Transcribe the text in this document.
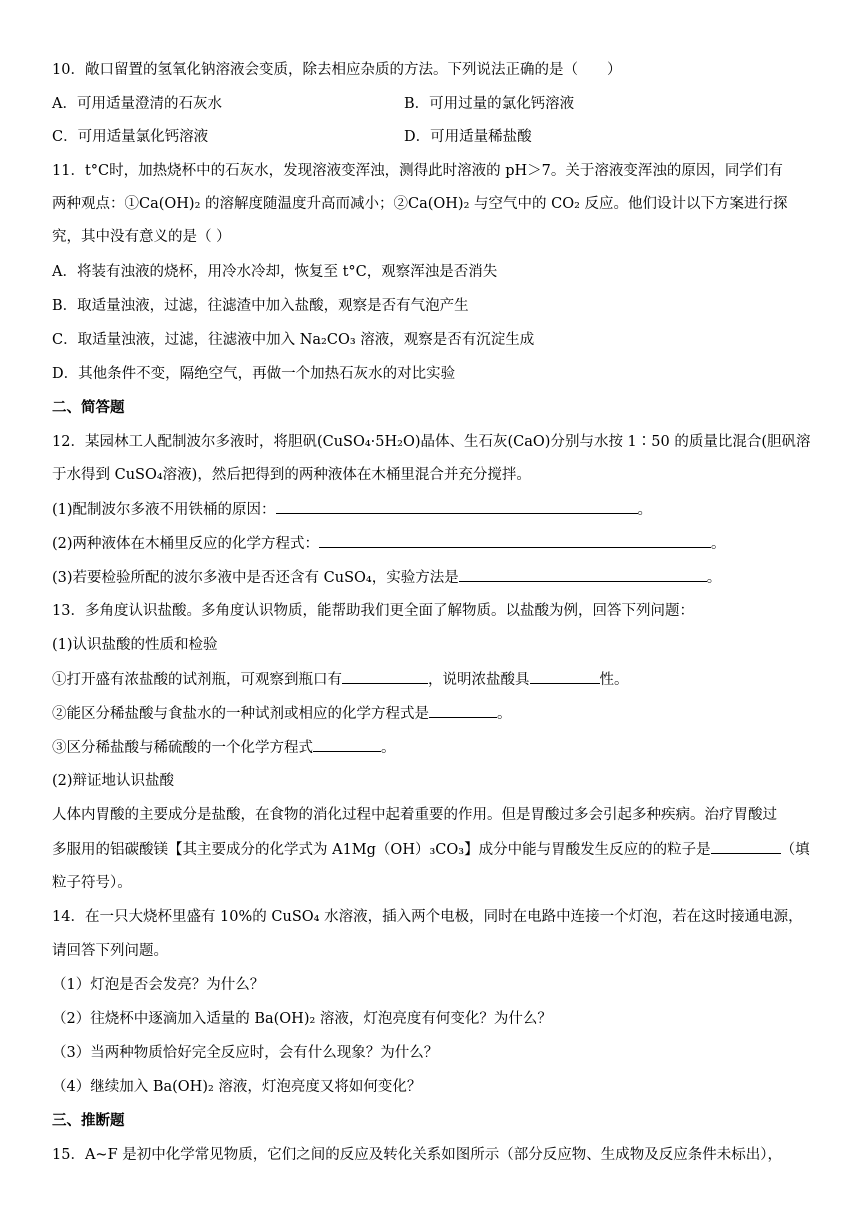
10．敞口留置的氢氧化钠溶液会变质，除去相应杂质的方法。下列说法正确的是（　　）
A．可用适量澄清的石灰水	B．可用过量的氯化钙溶液
C．可用适量氯化钙溶液	D．可用适量稀盐酸
11．t°C时，加热烧杯中的石灰水，发现溶液变浑浊，测得此时溶液的 pH＞7。关于溶液变浑浊的原因，同学们有
两种观点：①Ca(OH)₂ 的溶解度随温度升高而减小；②Ca(OH)₂ 与空气中的 CO₂ 反应。他们设计以下方案进行探
究，其中没有意义的是（ ）
A．将装有浊液的烧杯，用冷水冷却，恢复至 t°C，观察浑浊是否消失
B．取适量浊液，过滤，往滤渣中加入盐酸，观察是否有气泡产生
C．取适量浊液，过滤，往滤液中加入 Na₂CO₃ 溶液，观察是否有沉淀生成
D．其他条件不变，隔绝空气，再做一个加热石灰水的对比实验
二、简答题
12．某园林工人配制波尔多液时，将胆矾(CuSO₄·5H₂O)晶体、生石灰(CaO)分别与水按 1∶50 的质量比混合(胆矾溶
于水得到 CuSO₄溶液)，然后把得到的两种液体在木桶里混合并充分搅拌。
(1)配制波尔多液不用铁桶的原因：	。
(2)两种液体在木桶里反应的化学方程式：	。
(3)若要检验所配的波尔多液中是否还含有 CuSO₄，实验方法是	。
13．多角度认识盐酸。多角度认识物质，能帮助我们更全面了解物质。以盐酸为例，回答下列问题：
(1)认识盐酸的性质和检验
①打开盛有浓盐酸的试剂瓶，可观察到瓶口有	，说明浓盐酸具	性。
②能区分稀盐酸与食盐水的一种试剂或相应的化学方程式是	。
③区分稀盐酸与稀硫酸的一个化学方程式	。
(2)辩证地认识盐酸
人体内胃酸的主要成分是盐酸，在食物的消化过程中起着重要的作用。但是胃酸过多会引起多种疾病。治疗胃酸过
多服用的铝碳酸镁【其主要成分的化学式为 A1Mg（OH）₃CO₃】成分中能与胃酸发生反应的的粒子是	（填
粒子符号）。
14．在一只大烧杯里盛有 10%的 CuSO₄ 水溶液，插入两个电极，同时在电路中连接一个灯泡，若在这时接通电源，
请回答下列问题。
（1）灯泡是否会发亮？为什么？
（2）往烧杯中逐滴加入适量的 Ba(OH)₂ 溶液，灯泡亮度有何变化？为什么？
（3）当两种物质恰好完全反应时，会有什么现象？为什么？
（4）继续加入 Ba(OH)₂ 溶液，灯泡亮度又将如何变化？
三、推断题
15．A~F 是初中化学常见物质，它们之间的反应及转化关系如图所示（部分反应物、生成物及反应条件未标出），
